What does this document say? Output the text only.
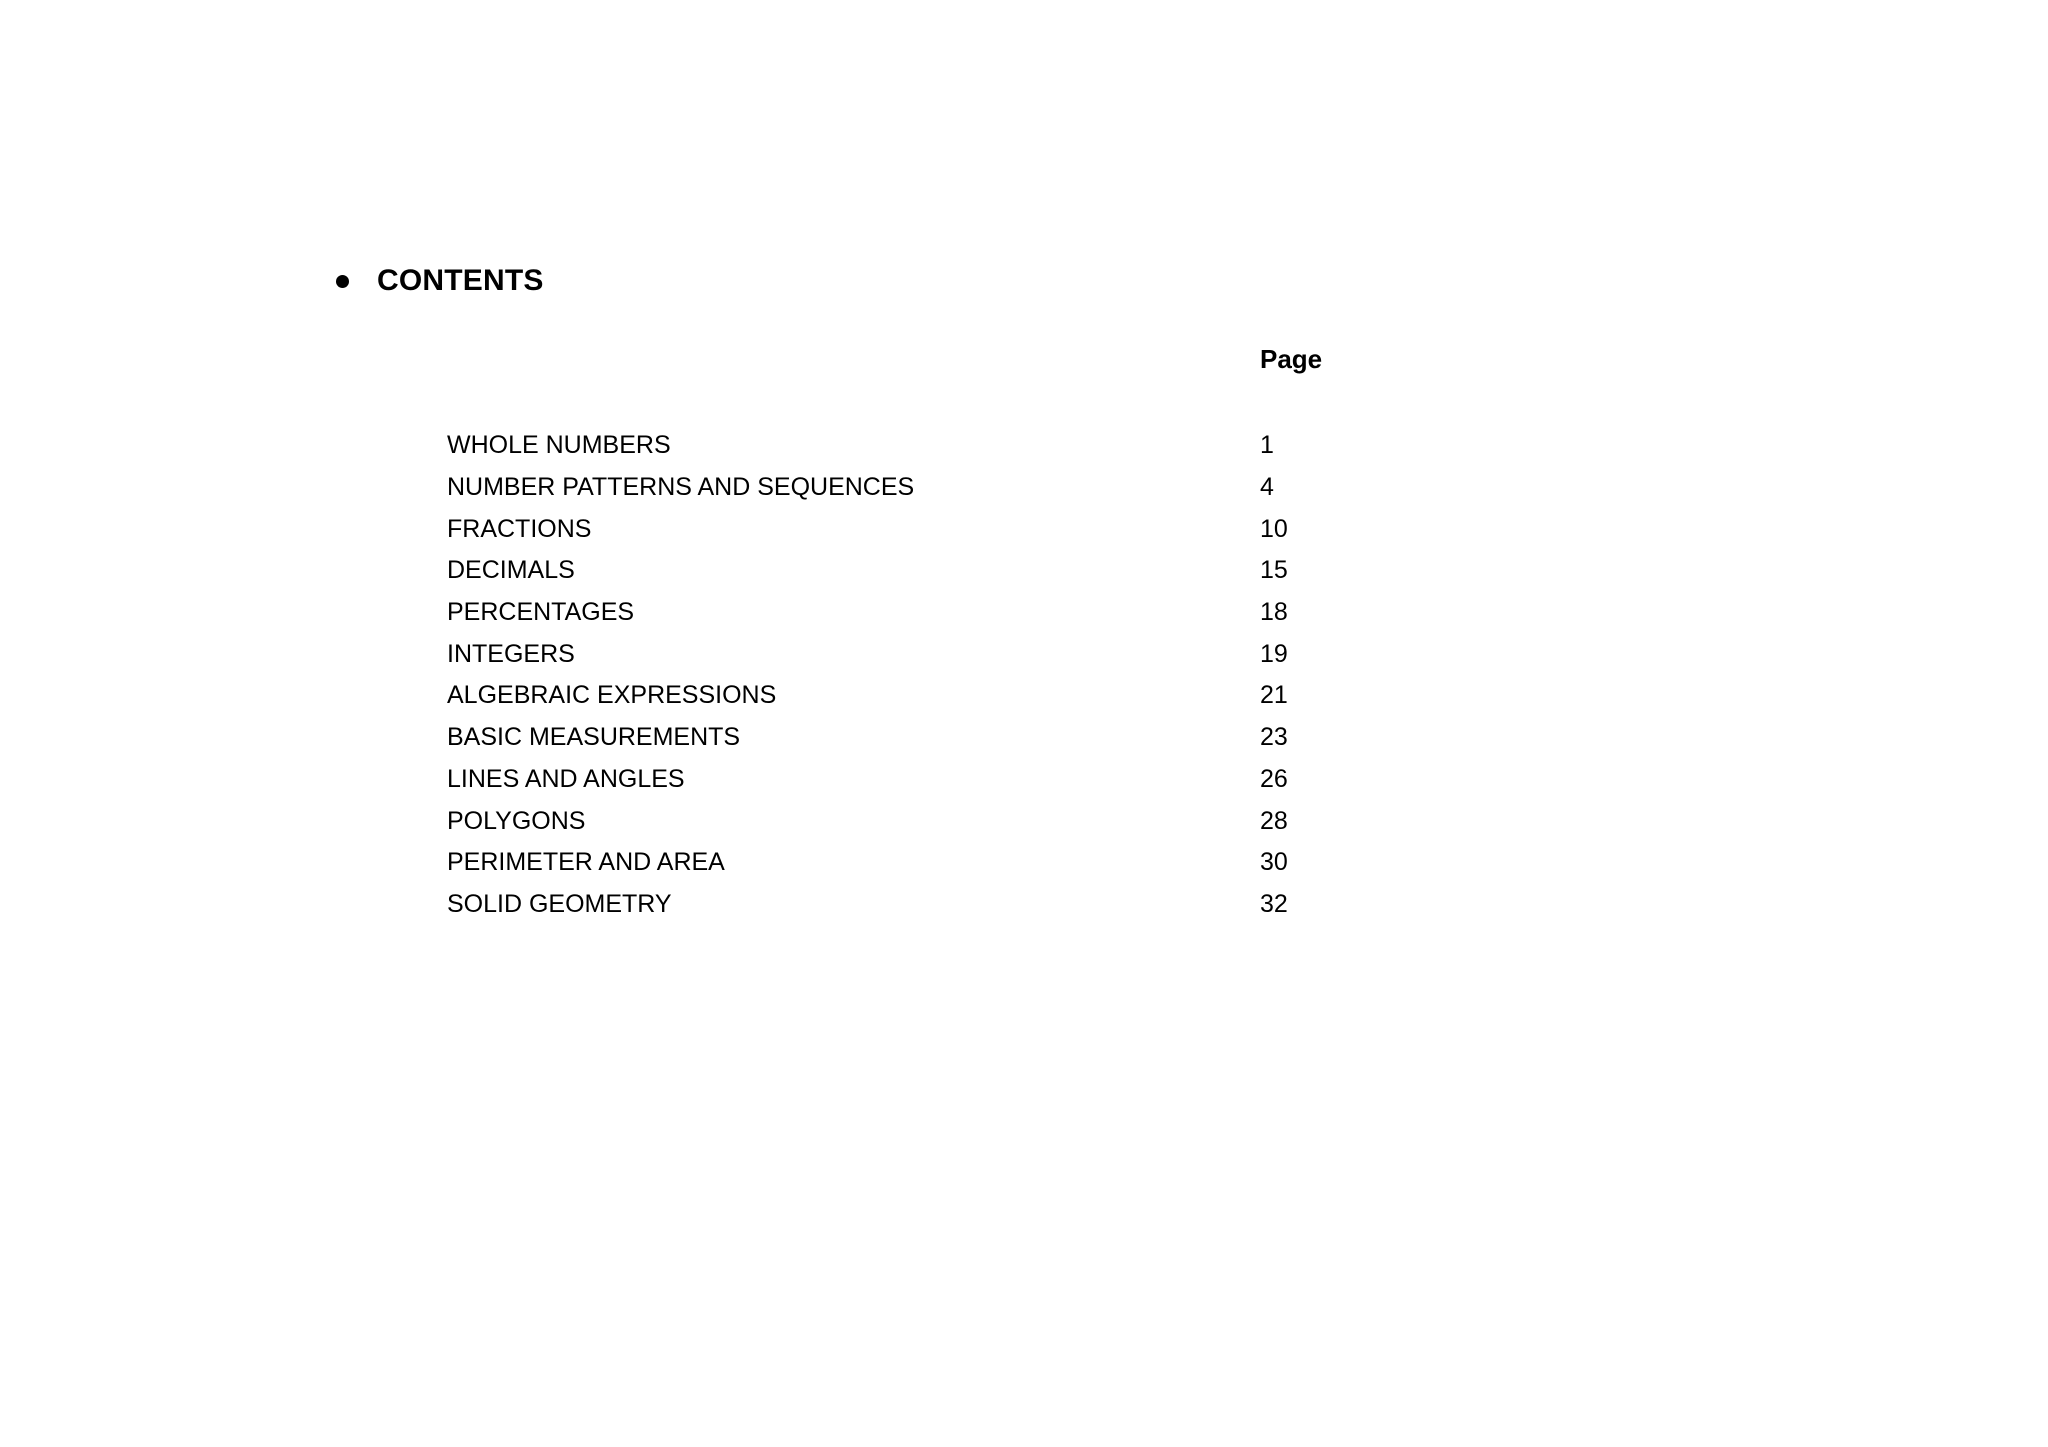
CONTENTS
Page
WHOLE NUMBERS	1
NUMBER PATTERNS AND SEQUENCES	4
FRACTIONS	10
DECIMALS	15
PERCENTAGES	18
INTEGERS	19
ALGEBRAIC EXPRESSIONS	21
BASIC MEASUREMENTS	23
LINES AND ANGLES	26
POLYGONS	28
PERIMETER AND AREA	30
SOLID GEOMETRY	32
